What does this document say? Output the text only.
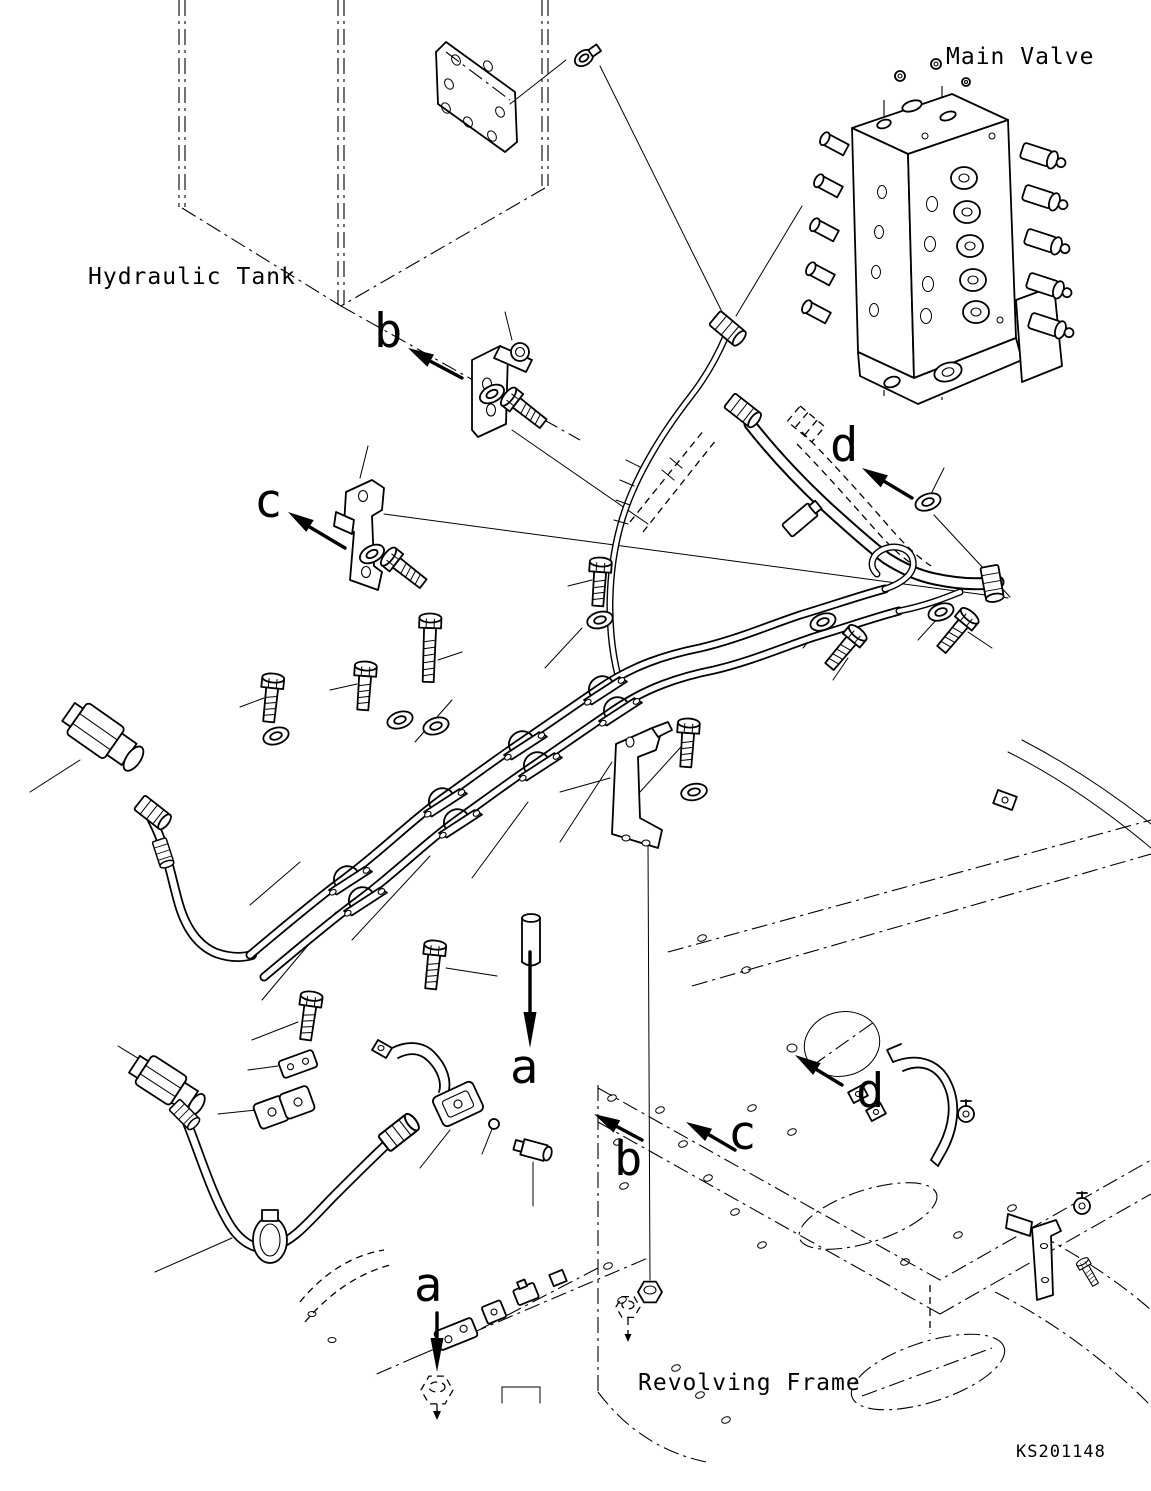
Main Valve
Hydraulic Tank
Revolving Frame
KS201148
b
c
d
a
b c
d
a
